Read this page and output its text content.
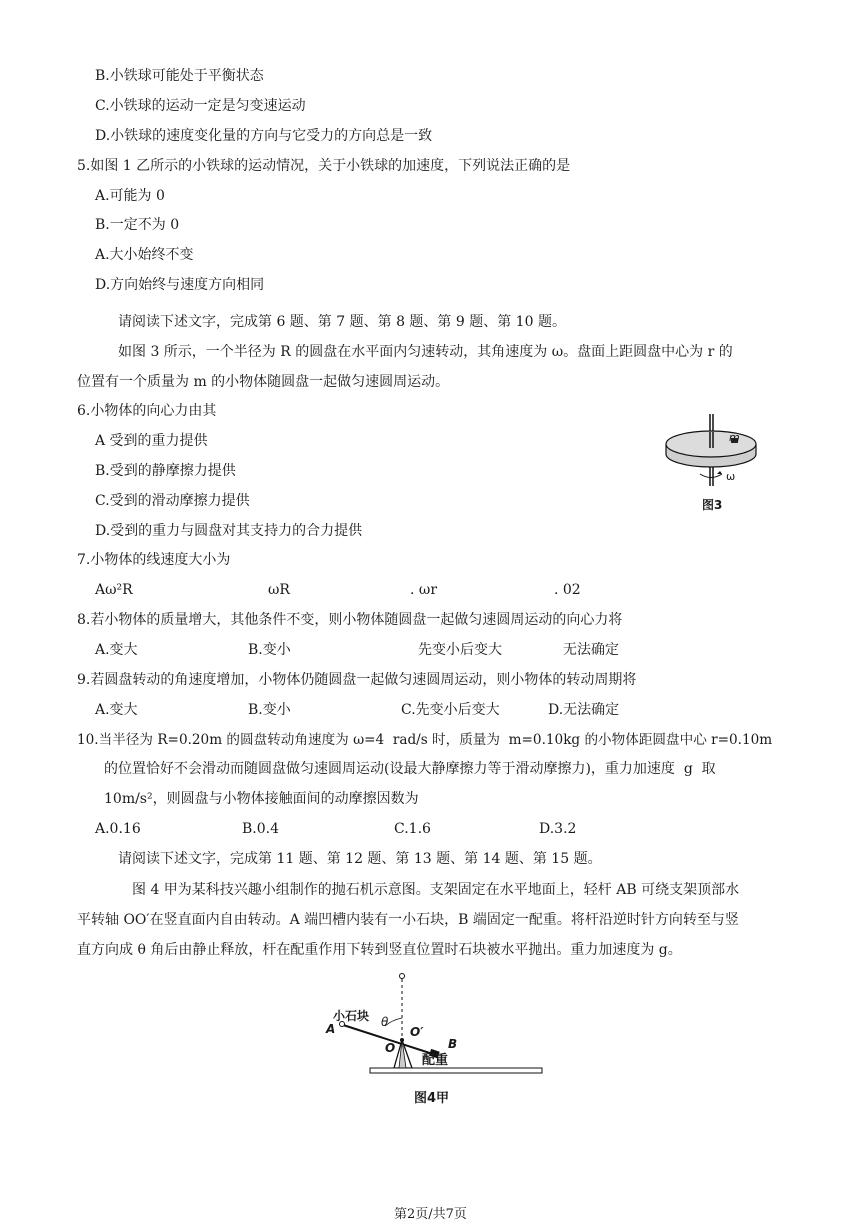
B.小铁球可能处于平衡状态
C.小铁球的运动一定是匀变速运动
D.小铁球的速度变化量的方向与它受力的方向总是一致
5.如图 1 乙所示的小铁球的运动情况，关于小铁球的加速度，下列说法正确的是
A.可能为 0
B.一定不为 0
A.大小始终不变
D.方向始终与速度方向相同
请阅读下述文字，完成第 6 题、第 7 题、第 8 题、第 9 题、第 10 题。
如图 3 所示，一个半径为 R 的圆盘在水平面内匀速转动，其角速度为 ω。盘面上距圆盘中心为 r 的
位置有一个质量为 m 的小物体随圆盘一起做匀速圆周运动。
6.小物体的向心力由其
A 受到的重力提供
B.受到的静摩擦力提供
C.受到的滑动摩擦力提供
D.受到的重力与圆盘对其支持力的合力提供
m
ω
图3
7.小物体的线速度大小为
Aω²R	ωR	. ωr	. 02
8.若小物体的质量增大，其他条件不变，则小物体随圆盘一起做匀速圆周运动的向心力将
A.变大	B.变小	先变小后变大	无法确定
9.若圆盘转动的角速度增加，小物体仍随圆盘一起做匀速圆周运动，则小物体的转动周期将
A.变大	B.变小	C.先变小后变大	D.无法确定
10.当半径为 R=0.20m 的圆盘转动角速度为 ω=4  rad/s 时，质量为  m=0.10kg 的小物体距圆盘中心 r=0.10m
的位置恰好不会滑动而随圆盘做匀速圆周运动(设最大静摩擦力等于滑动摩擦力)，重力加速度  g  取
10m/s²，则圆盘与小物体接触面间的动摩擦因数为
A.0.16	B.0.4	C.1.6	D.3.2
请阅读下述文字，完成第 11 题、第 12 题、第 13 题、第 14 题、第 15 题。
图 4 甲为某科技兴趣小组制作的抛石机示意图。支架固定在水平地面上，轻杆 AB 可绕支架顶部水
平转轴 OO′在竖直面内自由转动。A 端凹槽内装有一小石块，B 端固定一配重。将杆沿逆时针方向转至与竖
直方向成 θ 角后由静止释放，杆在配重作用下转到竖直位置时石块被水平抛出。重力加速度为 g。
小石块
A	θ
O′
O	B
配重
图4甲
第2页/共7页
